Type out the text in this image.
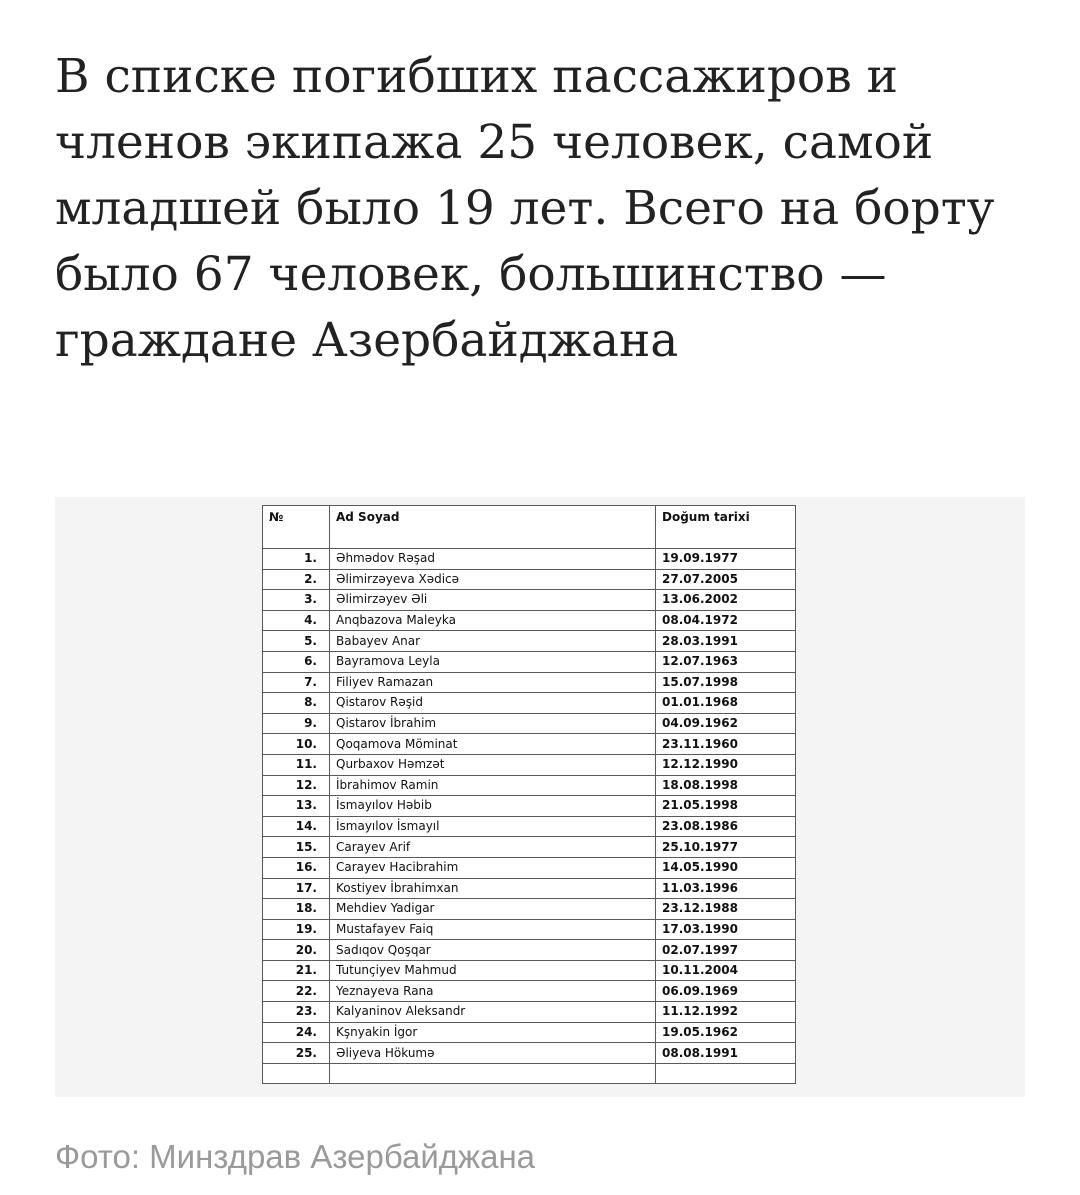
В списке погибших пассажиров и членов экипажа 25 человек, самой младшей было 19 лет. Всего на борту было 67 человек, большинство — граждане Азербайджана
№	Ad Soyad	Doğum tarixi
1.	Əhmədov Rəşad	19.09.1977
2.	Əlimirzəyeva Xədicə	27.07.2005
3.	Əlimirzəyev Əli	13.06.2002
4.	Anqbazova Maleyka	08.04.1972
5.	Babayev Anar	28.03.1991
6.	Bayramova Leyla	12.07.1963
7.	Filiyev Ramazan	15.07.1998
8.	Qistarov Rəşid	01.01.1968
9.	Qistarov İbrahim	04.09.1962
10.	Qoqamova Möminat	23.11.1960
11.	Qurbaxov Həmzət	12.12.1990
12.	İbrahimov Ramin	18.08.1998
13.	İsmayılov Həbib	21.05.1998
14.	İsmayılov İsmayıl	23.08.1986
15.	Carayev Arif	25.10.1977
16.	Carayev Hacibrahim	14.05.1990
17.	Kostiyev İbrahimxan	11.03.1996
18.	Mehdiev Yadigar	23.12.1988
19.	Mustafayev Faiq	17.03.1990
20.	Sadıqov Qoşqar	02.07.1997
21.	Tutunçiyev Mahmud	10.11.2004
22.	Yeznayeva Rana	06.09.1969
23.	Kalyaninov Aleksandr	11.12.1992
24.	Kşnyakin İgor	19.05.1962
25.	Əliyeva Hökumə	08.08.1991

Фото: Минздрав Азербайджана
